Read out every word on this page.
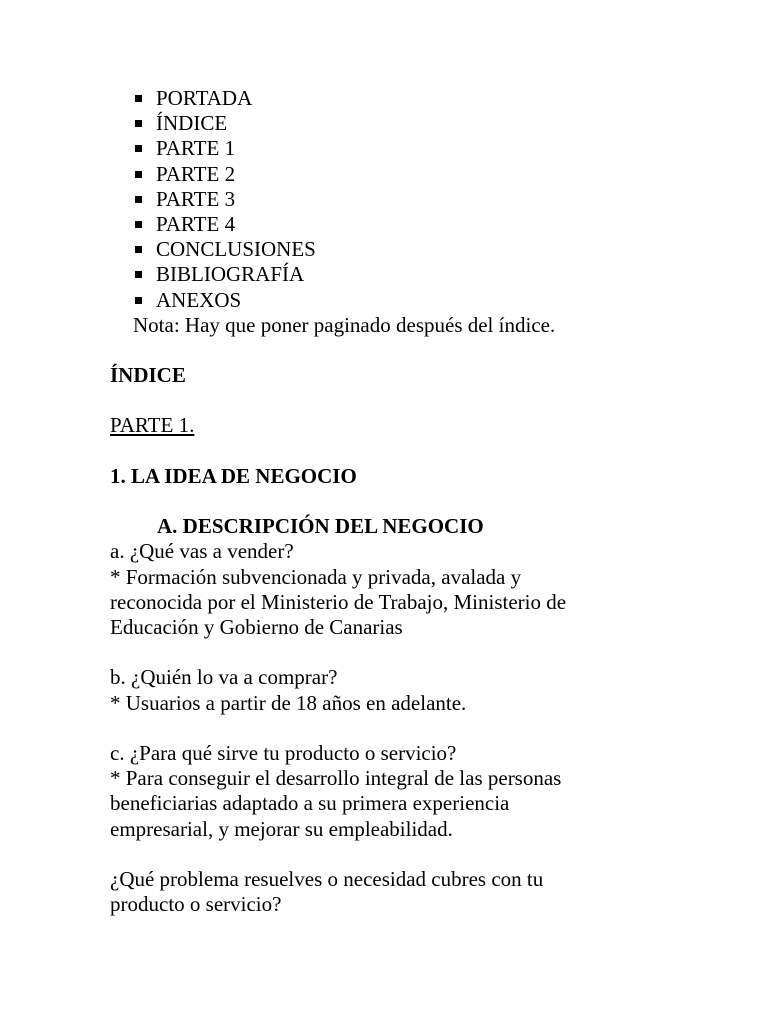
PORTADA
ÍNDICE
PARTE 1
PARTE 2
PARTE 3
PARTE 4
CONCLUSIONES
BIBLIOGRAFÍA
ANEXOS
Nota: Hay que poner paginado después del índice.
ÍNDICE
PARTE 1.
1. LA IDEA DE NEGOCIO
A. DESCRIPCIÓN DEL NEGOCIO
a. ¿Qué vas a vender?
* Formación subvencionada y privada, avalada y
reconocida por el Ministerio de Trabajo, Ministerio de
Educación y Gobierno de Canarias
b. ¿Quién lo va a comprar?
* Usuarios a partir de 18 años en adelante.
c. ¿Para qué sirve tu producto o servicio?
* Para conseguir el desarrollo integral de las personas
beneficiarias adaptado a su primera experiencia
empresarial, y mejorar su empleabilidad.
¿Qué problema resuelves o necesidad cubres con tu
producto o servicio?
